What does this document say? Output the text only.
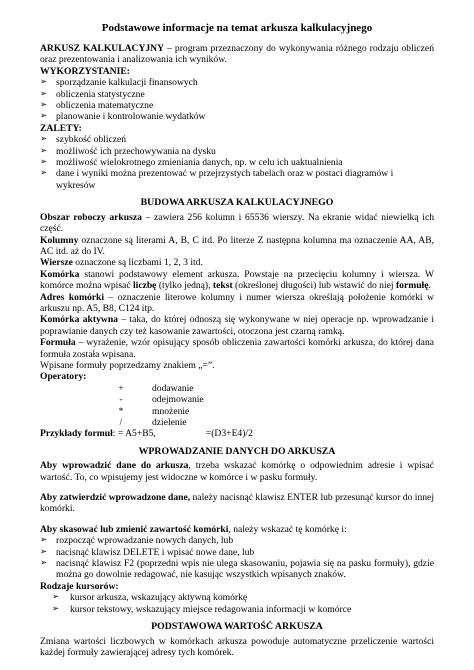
Podstawowe informacje na temat arkusza kalkulacyjnego

ARKUSZ KALKULACYJNY – program przeznaczony do wykonywania różnego rodzaju obliczeń oraz prezentowania i analizowania ich wyników.

WYKORZYSTANIE:

➢ sporządzanie kalkulacji finansowych
➢ obliczenia statystyczne
➢ obliczenia matematyczne
➢ planowanie i kontrolowanie wydatków

ZALETY:

➢ szybkość obliczeń
➢ możliwość ich przechowywania na dysku
➢ możliwość wielokrotnego zmieniania danych, np. w celu ich uaktualnienia
➢ dane i wyniki można prezentować w przejrzystych tabelach oraz w postaci diagramów i wykresów
BUDOWA ARKUSZA KALKULACYJNEGO

Obszar roboczy arkusza – zawiera 256 kolumn i 65536 wierszy. Na ekranie widać niewielką ich część.

Kolumny oznaczone są literami A, B, C itd. Po literze Z następna kolumna ma oznaczenie AA, AB, AC itd. aż do IV.

Wiersze oznaczone są liczbami 1, 2, 3 itd.

Komórka stanowi podstawowy element arkusza. Powstaje na przecięciu kolumny i wiersza. W komórce można wpisać liczbę (tylko jedną), tekst (określonej długości) lub wstawić do niej formułę.

Adres komórki – oznaczenie literowe kolumny i numer wiersza określają położenie komórki w arkuszu np. A5, B8, C124 itp.

Komórka aktywna – taka, do której odnoszą się wykonywane w niej operacje np. wprowadzanie i poprawianie danych czy też kasowanie zawartości, otoczona jest czarną ramką.

Formuła – wyrażenie, wzór opisujący sposób obliczenia zawartości komórki arkusza, do której dana formuła została wpisana.

Wpisane formuły poprzedzamy znakiem „=”.

Operatory:

+	dodawanie
-	odejmowanie
*	mnożenie
/	dzielenie

Przykłady formuł: = A5+B5,	=(D3+E4)/2

WPROWADZANIE DANYCH DO ARKUSZA

Aby wprowadzić dane do arkusza, trzeba wskazać komórkę o odpowiednim adresie i wpisać wartość. To, co wpisujemy jest widoczne w komórce i w pasku formuły.

Aby zatwierdzić wprowadzone dane, należy nacisnąć klawisz ENTER lub przesunąć kursor do innej komórki.

Aby skasować lub zmienić zawartość komórki, należy wskazać tę komórkę i:

➢ rozpocząć wprowadzanie nowych danych, lub
➢ nacisnąć klawisz DELETE i wpisać nowe dane, lub
➢ nacisnąć klawisz F2 (poprzedni wpis nie ulega skasowaniu, pojawia się na pasku formuły), gdzie można go dowolnie redagować, nie kasując wszystkich wpisanych znaków.

Rodzaje kursorów:

➢ kursor arkusza, wskazujący aktywną komórkę
➢ kursor tekstowy, wskazujący miejsce redagowania informacji w komórce
PODSTAWOWA WARTOŚĆ ARKUSZA

Zmiana wartości liczbowych w komórkach arkusza powoduje automatyczne przeliczenie wartości każdej formuły zawierającej adresy tych komórek.
